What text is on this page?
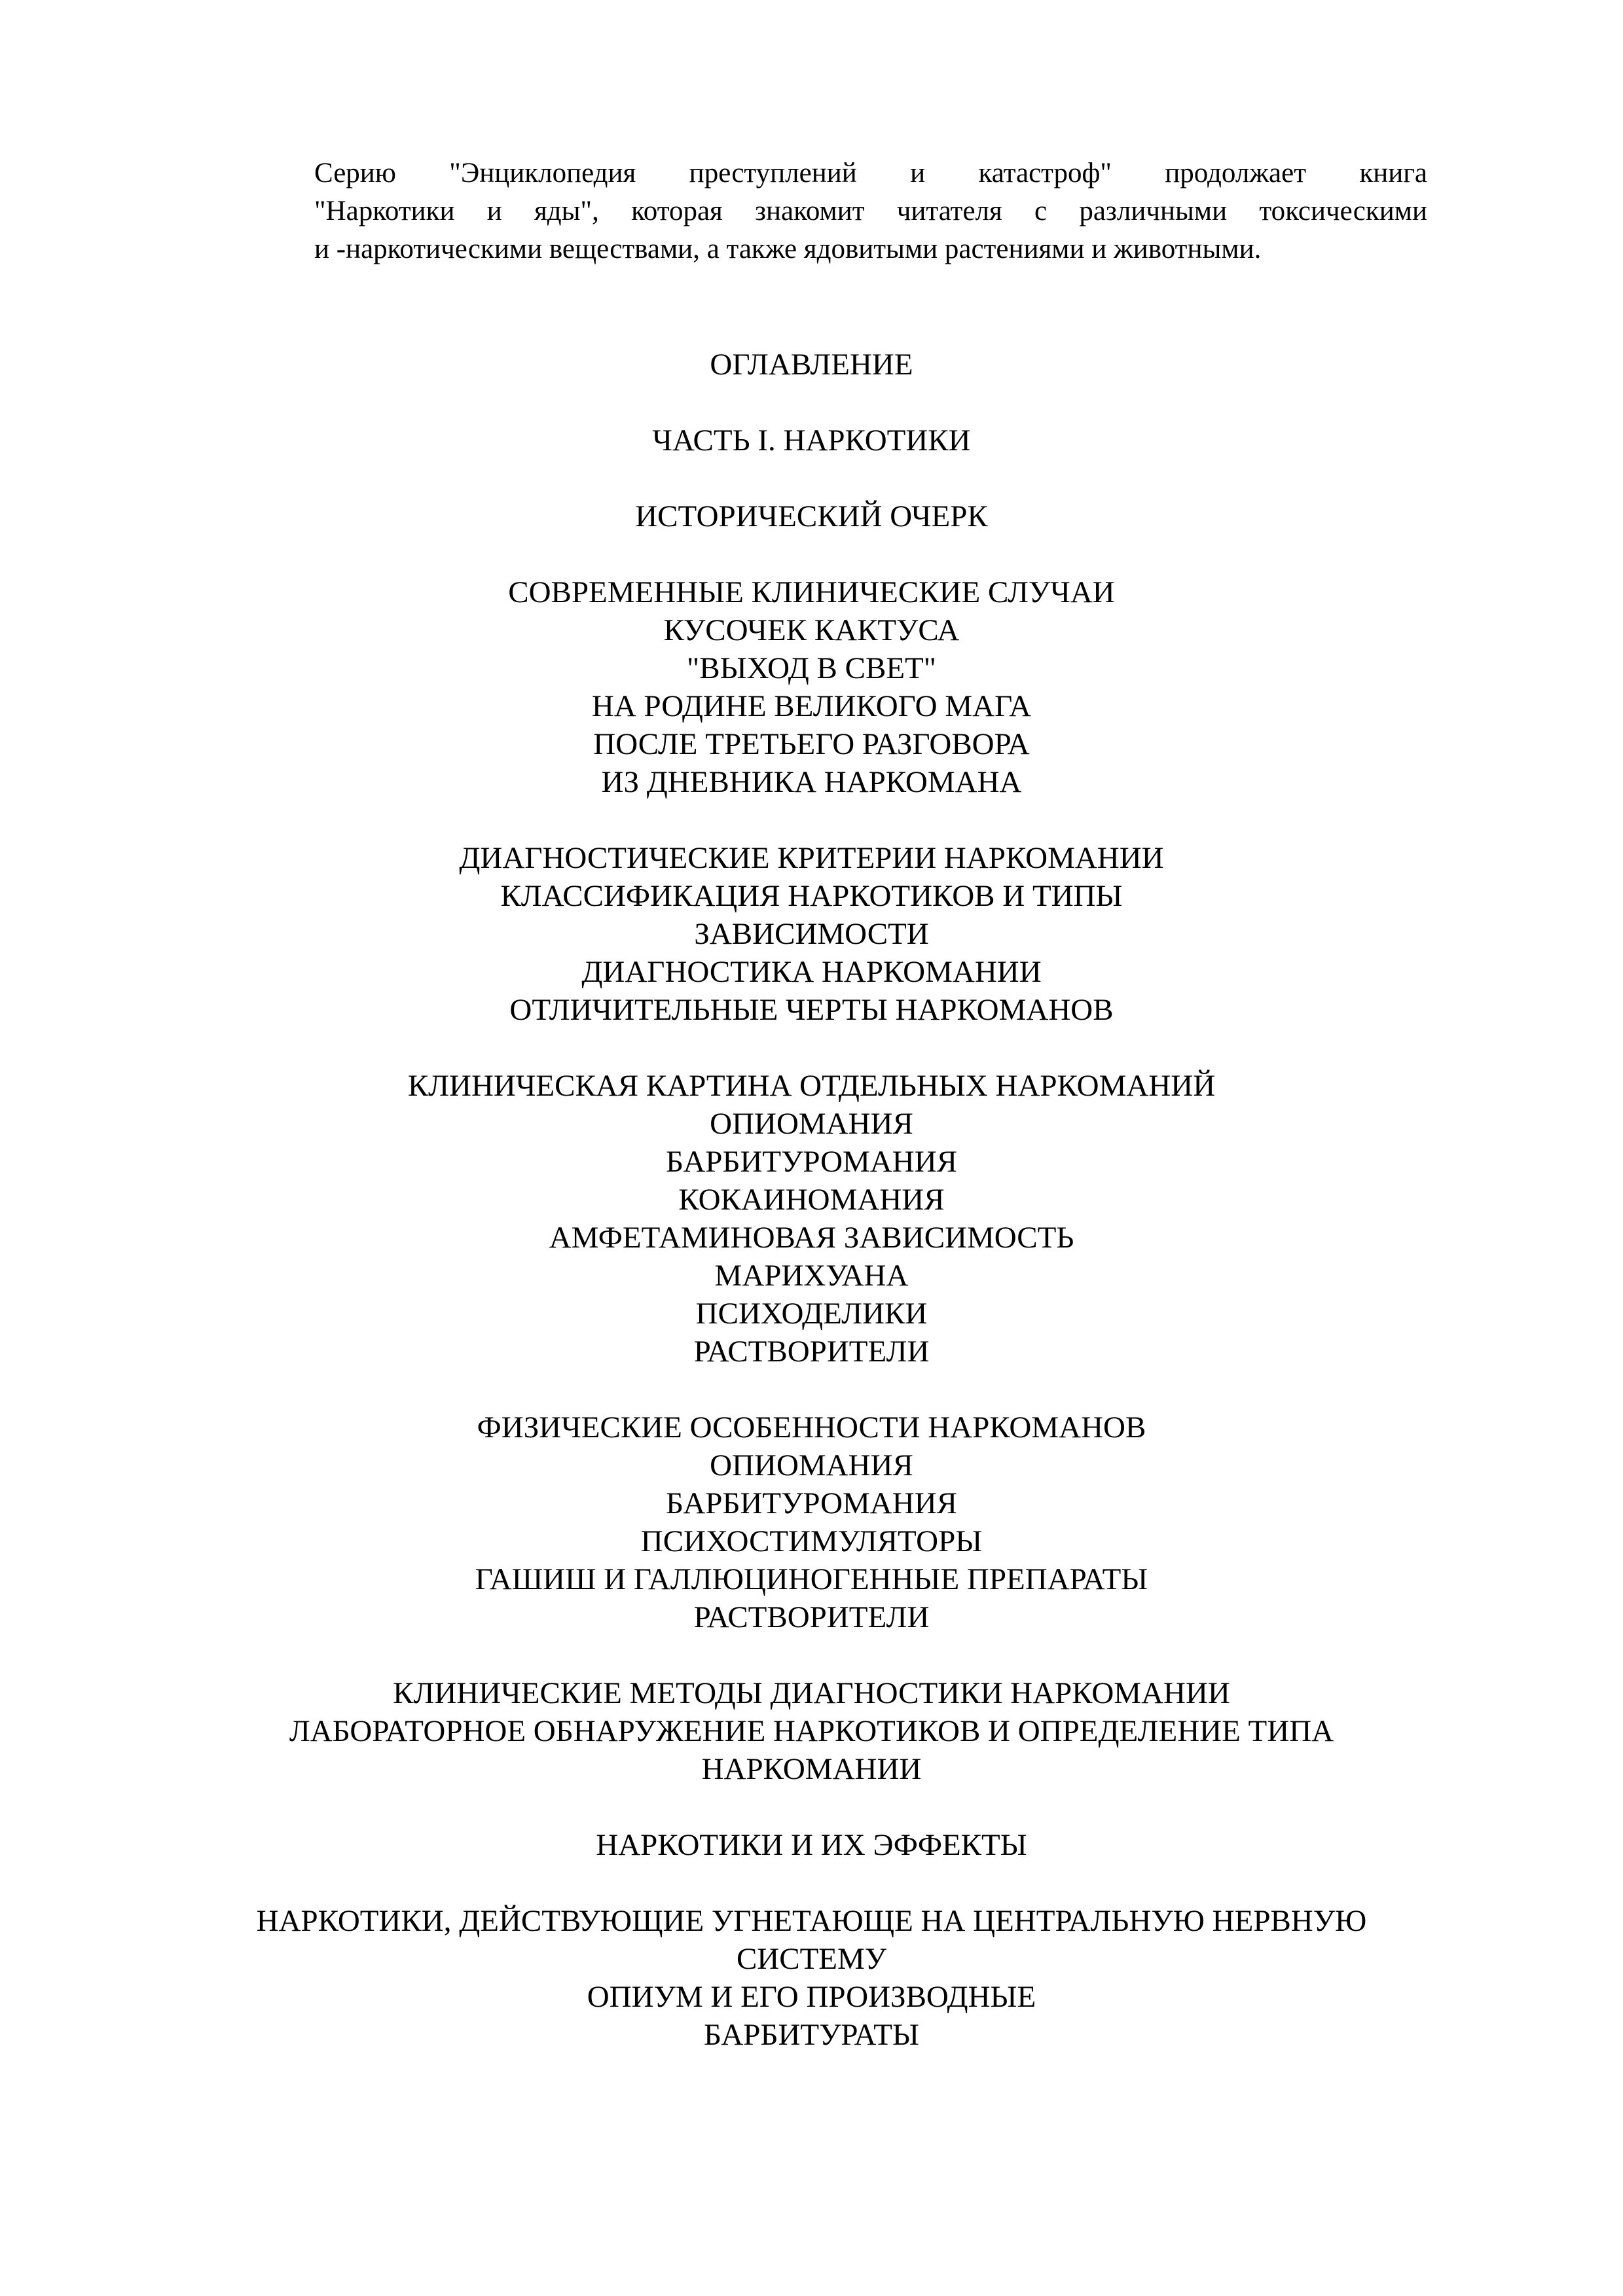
Серию "Энциклопедия преступлений и катастроф" продолжает книга
"Наркотики и яды", которая знакомит читателя с различными токсическими
и -наркотическими веществами, а также ядовитыми растениями и животными.
ОГЛАВЛЕНИЕ
ЧАСТЬ I. НАРКОТИКИ
ИСТОРИЧЕСКИЙ ОЧЕРК
СОВРЕМЕННЫЕ КЛИНИЧЕСКИЕ СЛУЧАИ
КУСОЧЕК КАКТУСА
"ВЫХОД В СВЕТ"
НА РОДИНЕ ВЕЛИКОГО МАГА
ПОСЛЕ ТРЕТЬЕГО РАЗГОВОРА
ИЗ ДНЕВНИКА НАРКОМАНА
ДИАГНОСТИЧЕСКИЕ КРИТЕРИИ НАРКОМАНИИ
КЛАССИФИКАЦИЯ НАРКОТИКОВ И ТИПЫ
ЗАВИСИМОСТИ
ДИАГНОСТИКА НАРКОМАНИИ
ОТЛИЧИТЕЛЬНЫЕ ЧЕРТЫ НАРКОМАНОВ
КЛИНИЧЕСКАЯ КАРТИНА ОТДЕЛЬНЫХ НАРКОМАНИЙ
ОПИОМАНИЯ
БАРБИТУРОМАНИЯ
КОКАИНОМАНИЯ
АМФЕТАМИНОВАЯ ЗАВИСИМОСТЬ
МАРИХУАНА
ПСИХОДЕЛИКИ
РАСТВОРИТЕЛИ
ФИЗИЧЕСКИЕ ОСОБЕННОСТИ НАРКОМАНОВ
ОПИОМАНИЯ
БАРБИТУРОМАНИЯ
ПСИХОСТИМУЛЯТОРЫ
ГАШИШ И ГАЛЛЮЦИНОГЕННЫЕ ПРЕПАРАТЫ
РАСТВОРИТЕЛИ
КЛИНИЧЕСКИЕ МЕТОДЫ ДИАГНОСТИКИ НАРКОМАНИИ
ЛАБОРАТОРНОЕ ОБНАРУЖЕНИЕ НАРКОТИКОВ И ОПРЕДЕЛЕНИЕ ТИПА
НАРКОМАНИИ
НАРКОТИКИ И ИХ ЭФФЕКТЫ
НАРКОТИКИ, ДЕЙСТВУЮЩИЕ УГНЕТАЮЩЕ НА ЦЕНТРАЛЬНУЮ НЕРВНУЮ
СИСТЕМУ
ОПИУМ И ЕГО ПРОИЗВОДНЫЕ
БАРБИТУРАТЫ
